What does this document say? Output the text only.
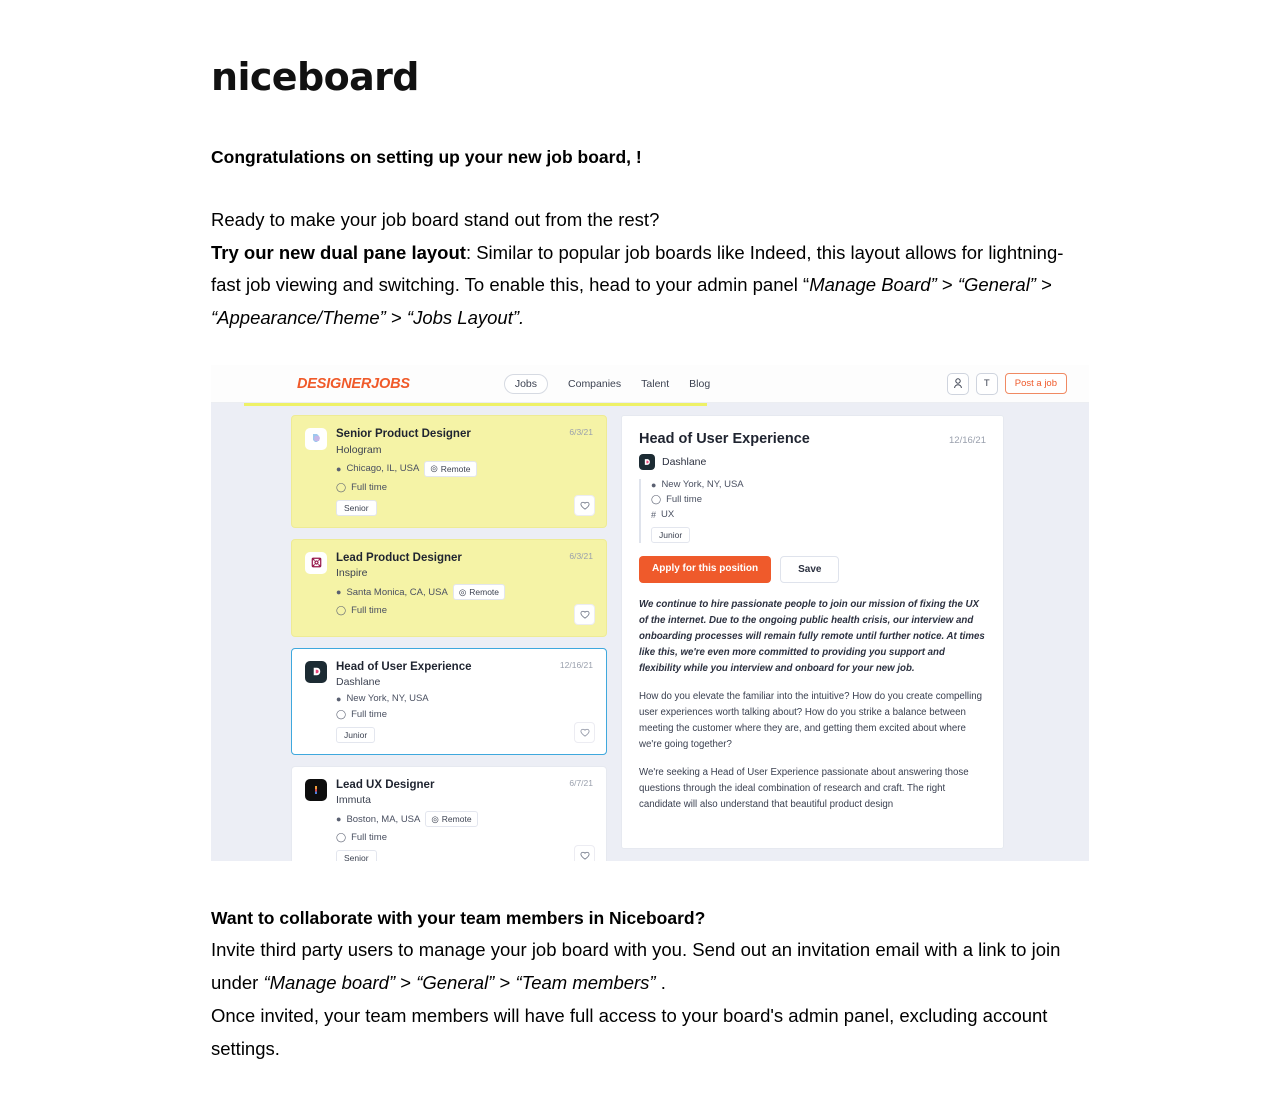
niceboard
Congratulations on setting up your new job board, !

Ready to make your job board stand out from the rest?

Try our new dual pane layout: Similar to popular job boards like Indeed, this layout allows for lightning-fast job viewing and switching. To enable this, head to your admin panel “Manage Board” > “General” > “Appearance/Theme” > “Jobs Layout”.

DESIGNERJOBS	Jobs	Companies Talent Blog	T	Post a job
6/3/21
Senior Product Designer
Hologram
● Chicago, IL, USA ◎ Remote
◯ Full time
Senior
6/3/21
Lead Product Designer
Inspire
● Santa Monica, CA, USA ◎ Remote
◯ Full time
12/16/21
Head of User Experience
Dashlane
● New York, NY, USA
◯ Full time
Junior
6/7/21
Lead UX Designer
Immuta
● Boston, MA, USA ◎ Remote
◯ Full time
Senior
Head of User Experience	12/16/21
Dashlane
● New York, NY, USA
◯ Full time
# UX
Junior
Apply for this position	Save
We continue to hire passionate people to join our mission of fixing the UX of the internet. Due to the ongoing public health crisis, our interview and onboarding processes will remain fully remote until further notice. At times like this, we're even more committed to providing you support and flexibility while you interview and onboard for your new job.
How do you elevate the familiar into the intuitive? How do you create compelling user experiences worth talking about? How do you strike a balance between meeting the customer where they are, and getting them excited about where we're going together?
We're seeking a Head of User Experience passionate about answering those questions through the ideal combination of research and craft. The right candidate will also understand that beautiful product design
Want to collaborate with your team members in Niceboard?

Invite third party users to manage your job board with you. Send out an invitation email with a link to join under “Manage board” > “General” > “Team members” .

Once invited, your team members will have full access to your board's admin panel, excluding account settings.
